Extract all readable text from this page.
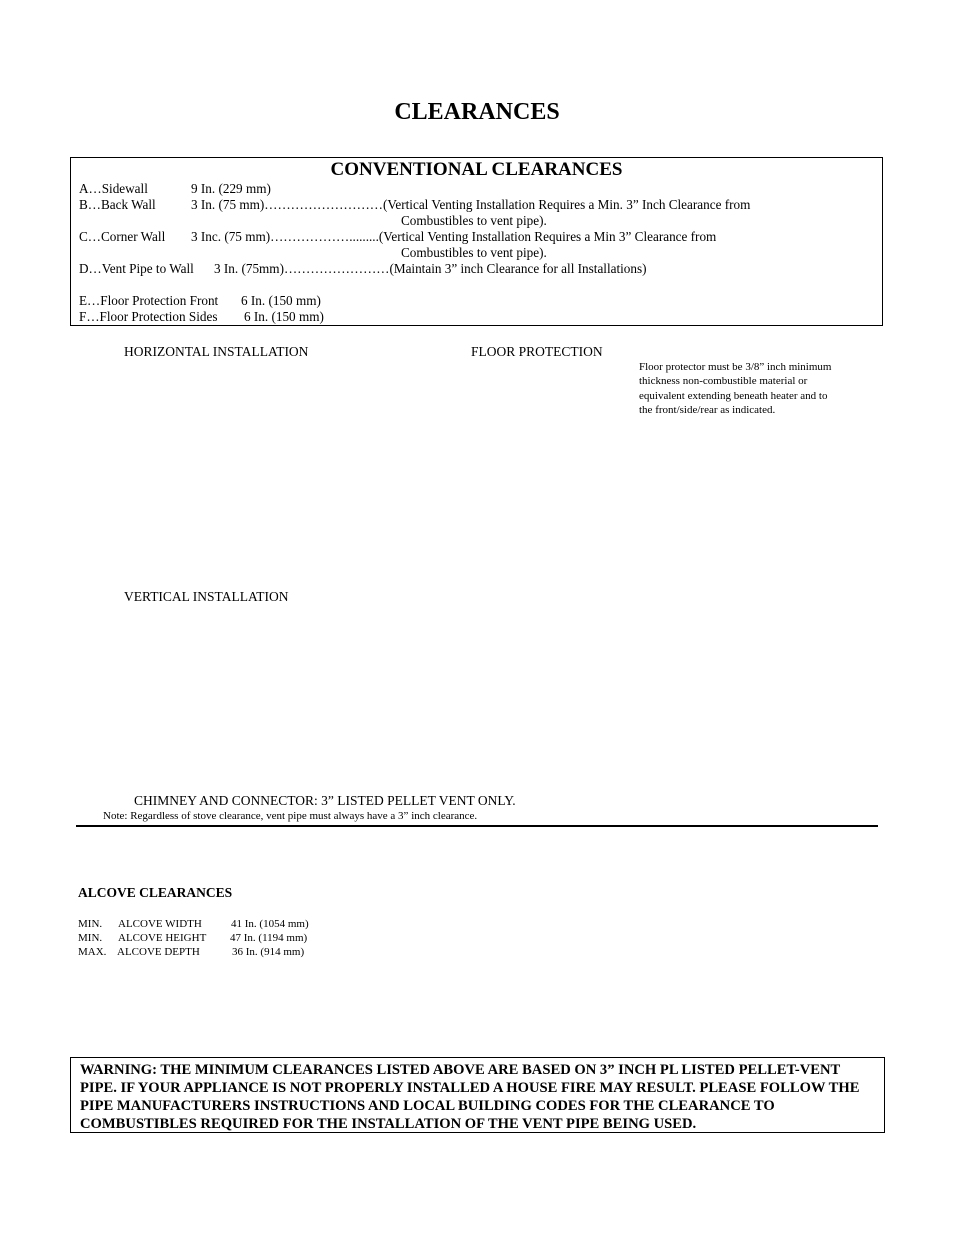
CLEARANCES
CONVENTIONAL CLEARANCES
A…Sidewall	9 In. (229 mm)
B…Back Wall	3 In. (75 mm)………………………(Vertical Venting Installation Requires a Min. 3” Inch Clearance from
Combustibles to vent pipe).
C…Corner Wall 3 Inc. (75 mm)……………….........(Vertical Venting Installation Requires a Min 3” Clearance from
Combustibles to vent pipe).
D…Vent Pipe to Wall 3 In. (75mm)……………………(Maintain 3” inch Clearance for all Installations)
E…Floor Protection Front 6 In. (150 mm)
F…Floor Protection Sides 6 In. (150 mm)
HORIZONTAL INSTALLATION	FLOOR PROTECTION
Floor protector must be 3/8” inch minimum thickness non-combustible material or equivalent extending beneath heater and to the front/side/rear as indicated.
VERTICAL INSTALLATION
CHIMNEY AND CONNECTOR: 3” LISTED PELLET VENT ONLY.
Note: Regardless of stove clearance, vent pipe must always have a 3” inch clearance.
ALCOVE CLEARANCES
MIN. ALCOVE WIDTH	41 In. (1054 mm)
MIN. ALCOVE HEIGHT 47 In. (1194 mm)
MAX. ALCOVE DEPTH	36 In. (914 mm)
WARNING: THE MINIMUM CLEARANCES LISTED ABOVE ARE BASED ON 3” INCH PL LISTED PELLET-VENT PIPE. IF YOUR APPLIANCE IS NOT PROPERLY INSTALLED A HOUSE FIRE MAY RESULT. PLEASE FOLLOW THE PIPE MANUFACTURERS INSTRUCTIONS AND LOCAL BUILDING CODES FOR THE CLEARANCE TO COMBUSTIBLES REQUIRED FOR THE INSTALLATION OF THE VENT PIPE BEING USED.
